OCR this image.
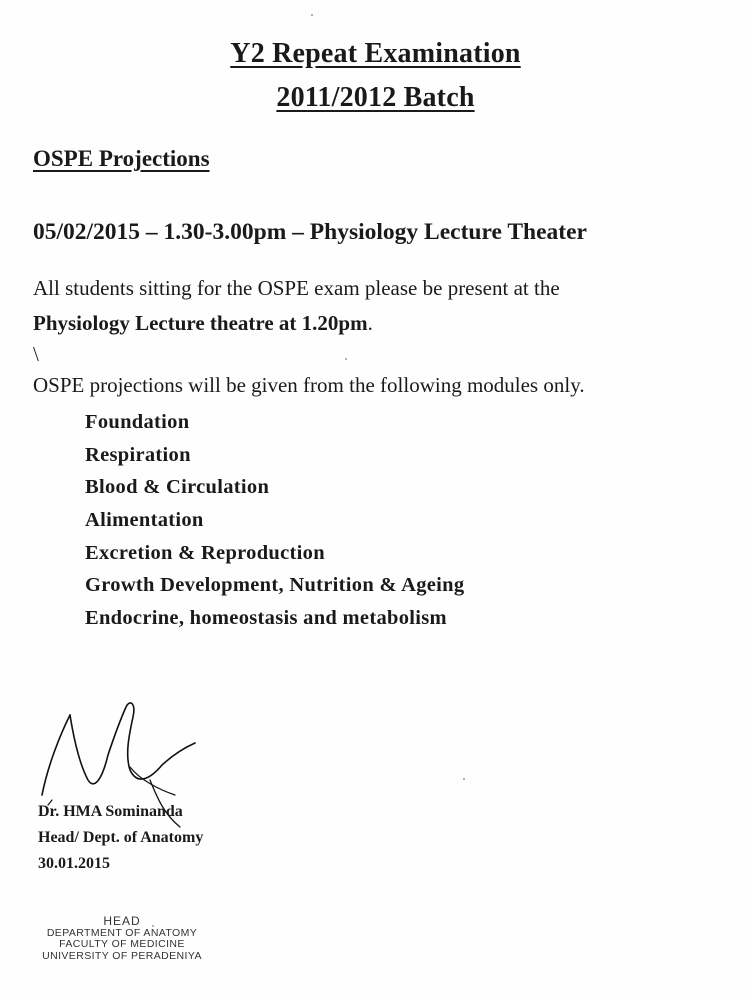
Y2 Repeat Examination
2011/2012 Batch
OSPE Projections
05/02/2015 – 1.30-3.00pm – Physiology Lecture Theater
All students sitting for the OSPE exam please be present at the
Physiology Lecture theatre at 1.20pm.
\
OSPE projections will be given from the following modules only.
Foundation
Respiration
Blood & Circulation
Alimentation
Excretion & Reproduction
Growth Development, Nutrition & Ageing
Endocrine, homeostasis and metabolism
Dr. HMA Sominanda
Head/ Dept. of Anatomy
30.01.2015
HEAD
DEPARTMENT OF ANATOMY
FACULTY OF MEDICINE
UNIVERSITY OF PERADENIYA
